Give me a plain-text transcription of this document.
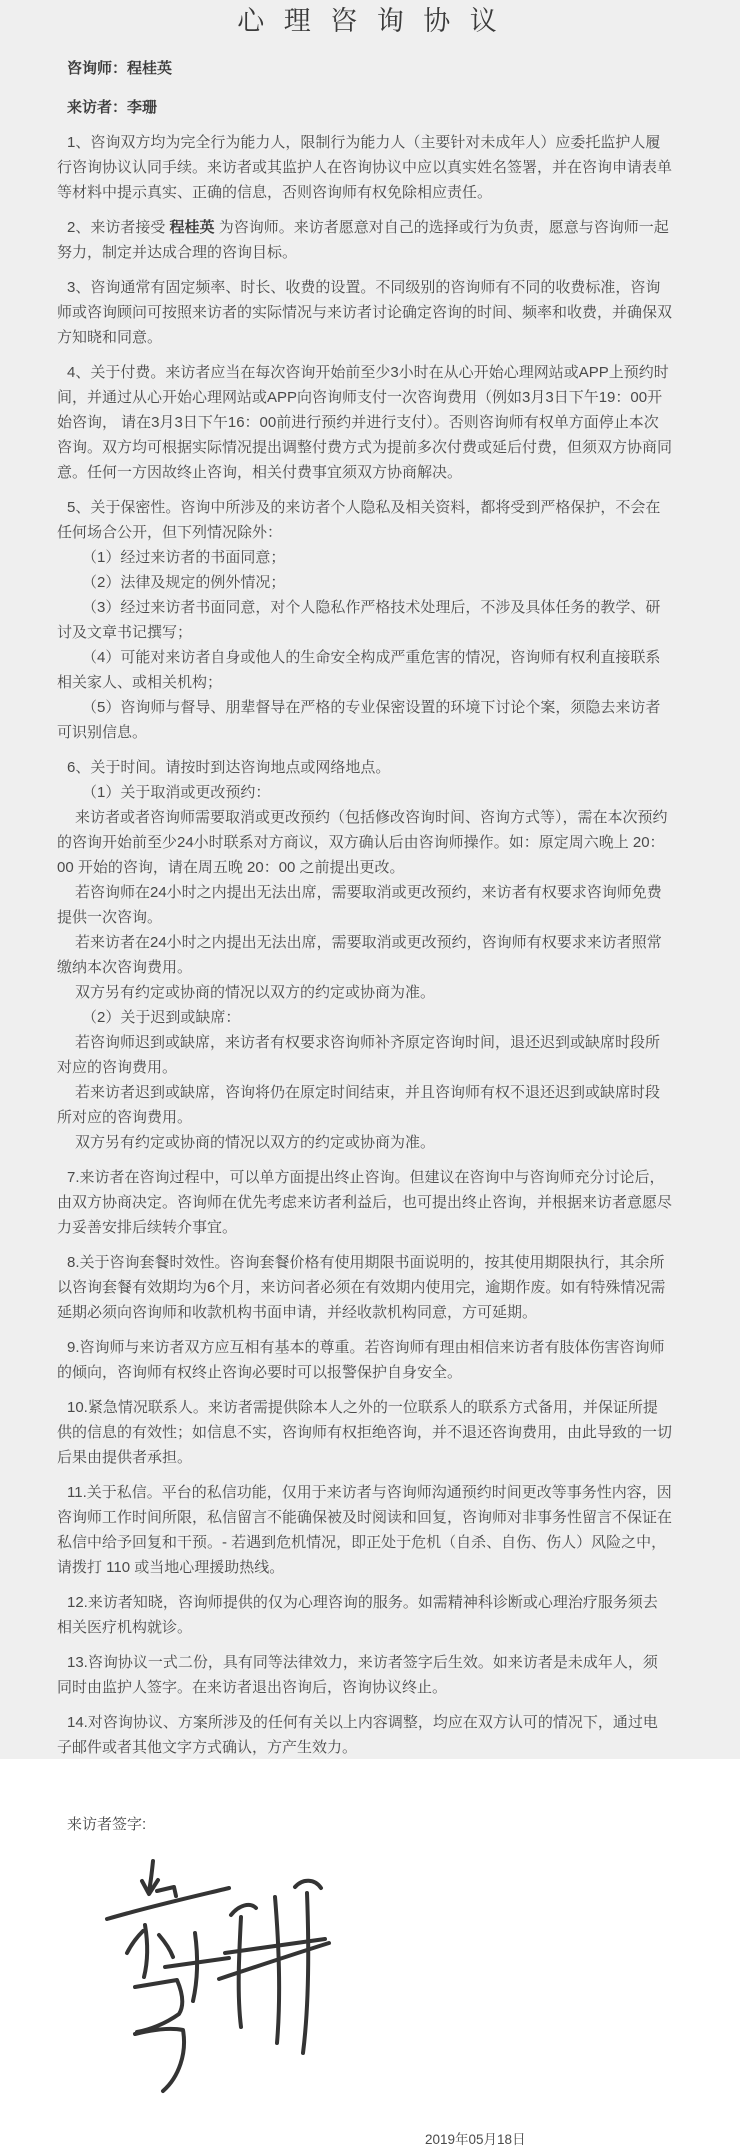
心 理 咨 询 协 议

咨询师：程桂英

来访者：李珊

1、咨询双方均为完全行为能力人，限制行为能力人（主要针对未成年人）应委托监护人履行咨询协议认同手续。来访者或其监护人在咨询协议中应以真实姓名签署，并在咨询申请表单等材料中提示真实、正确的信息，否则咨询师有权免除相应责任。

2、来访者接受 程桂英 为咨询师。来访者愿意对自己的选择或行为负责，愿意与咨询师一起努力，制定并达成合理的咨询目标。

3、咨询通常有固定频率、时长、收费的设置。不同级别的咨询师有不同的收费标准，咨询师或咨询顾问可按照来访者的实际情况与来访者讨论确定咨询的时间、频率和收费，并确保双方知晓和同意。

4、关于付费。来访者应当在每次咨询开始前至少3小时在从心开始心理网站或APP上预约时间，并通过从心开始心理网站或APP向咨询师支付一次咨询费用（例如3月3日下午19：00开始咨询， 请在3月3日下午16：00前进行预约并进行支付）。否则咨询师有权单方面停止本次咨询。双方均可根据实际情况提出调整付费方式为提前多次付费或延后付费，但须双方协商同意。任何一方因故终止咨询，相关付费事宜须双方协商解决。

5、关于保密性。咨询中所涉及的来访者个人隐私及相关资料，都将受到严格保护，不会在任何场合公开，但下列情况除外：

（1）经过来访者的书面同意；

（2）法律及规定的例外情况；

（3）经过来访者书面同意，对个人隐私作严格技术处理后，不涉及具体任务的教学、研讨及文章书记撰写；

（4）可能对来访者自身或他人的生命安全构成严重危害的情况，咨询师有权利直接联系相关家人、或相关机构；

（5）咨询师与督导、朋辈督导在严格的专业保密设置的环境下讨论个案，须隐去来访者可识别信息。

6、关于时间。请按时到达咨询地点或网络地点。

（1）关于取消或更改预约：

来访者或者咨询师需要取消或更改预约（包括修改咨询时间、咨询方式等），需在本次预约的咨询开始前至少24小时联系对方商议，双方确认后由咨询师操作。如：原定周六晚上 20：00 开始的咨询，请在周五晚 20：00 之前提出更改。

若咨询师在24小时之内提出无法出席，需要取消或更改预约，来访者有权要求咨询师免费提供一次咨询。

若来访者在24小时之内提出无法出席，需要取消或更改预约，咨询师有权要求来访者照常缴纳本次咨询费用。

双方另有约定或协商的情况以双方的约定或协商为准。

（2）关于迟到或缺席：

若咨询师迟到或缺席，来访者有权要求咨询师补齐原定咨询时间，退还迟到或缺席时段所对应的咨询费用。

若来访者迟到或缺席，咨询将仍在原定时间结束，并且咨询师有权不退还迟到或缺席时段所对应的咨询费用。

双方另有约定或协商的情况以双方的约定或协商为准。

7.来访者在咨询过程中，可以单方面提出终止咨询。但建议在咨询中与咨询师充分讨论后，由双方协商决定。咨询师在优先考虑来访者利益后，也可提出终止咨询，并根据来访者意愿尽力妥善安排后续转介事宜。

8.关于咨询套餐时效性。咨询套餐价格有使用期限书面说明的，按其使用期限执行，其余所以咨询套餐有效期均为6个月，来访问者必须在有效期内使用完，逾期作废。如有特殊情况需延期必须向咨询师和收款机构书面申请，并经收款机构同意，方可延期。

9.咨询师与来访者双方应互相有基本的尊重。若咨询师有理由相信来访者有肢体伤害咨询师的倾向，咨询师有权终止咨询必要时可以报警保护自身安全。

10.紧急情况联系人。来访者需提供除本人之外的一位联系人的联系方式备用，并保证所提供的信息的有效性；如信息不实，咨询师有权拒绝咨询，并不退还咨询费用，由此导致的一切后果由提供者承担。

11.关于私信。平台的私信功能，仅用于来访者与咨询师沟通预约时间更改等事务性内容，因咨询师工作时间所限，私信留言不能确保被及时阅读和回复，咨询师对非事务性留言不保证在私信中给予回复和干预。- 若遇到危机情况，即正处于危机（自杀、自伤、伤人）风险之中，请拨打 110 或当地心理援助热线。

12.来访者知晓，咨询师提供的仅为心理咨询的服务。如需精神科诊断或心理治疗服务须去相关医疗机构就诊。

13.咨询协议一式二份，具有同等法律效力，来访者签字后生效。如来访者是未成年人，须同时由监护人签字。在来访者退出咨询后，咨询协议终止。

14.对咨询协议、方案所涉及的任何有关以上内容调整，均应在双方认可的情况下，通过电子邮件或者其他文字方式确认，方产生效力。

来访者签字:

2019年05月18日
